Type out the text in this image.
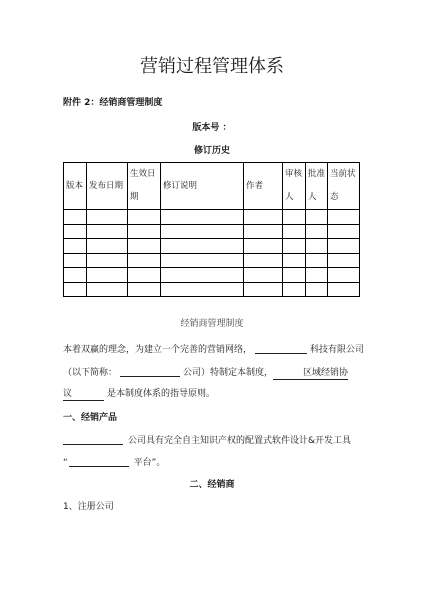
营销过程管理体系
附件 2：经销商管理制度
版本号 ：
修订历史
版本	发布日期	生效日期	修订说明	作者	审核人	批准人	当前状态

经销商管理制度
本着双赢的理念，为建立一个完善的营销网络，	科技有限公司
（以下简称：	公司）特制定本制度，	区域经销协
议	是本制度体系的指导原则。
一、经销产品
公司具有完全自主知识产权的配置式软件设计&开发工具
“	平台”。
二、经销商
1、注册公司
